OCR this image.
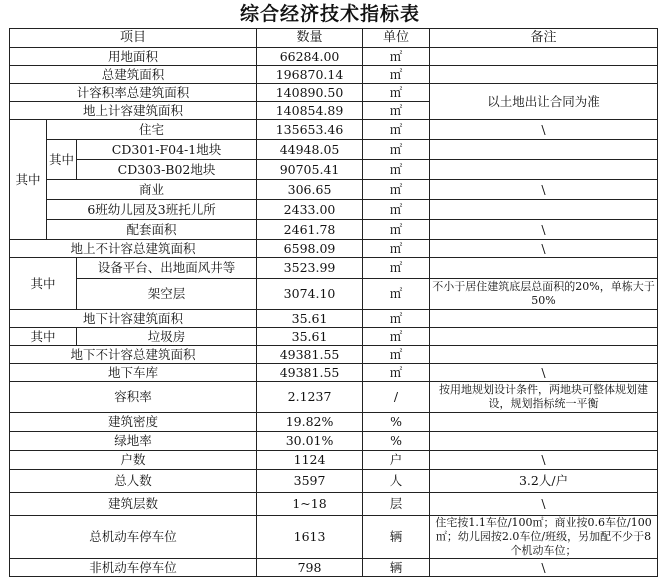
综合经济技术指标表
项目			数量	单位	备注
用地面积			66284.00	㎡	
总建筑面积			196870.14	㎡	
计容积率总建筑面积			140890.50	㎡	以土地出让合同为准
地上计容建筑面积			140854.89	㎡	
其中	住宅		135653.46	㎡	\
	其中	CD301-F04-1地块	44948.05	㎡	
		CD303-B02地块	90705.41	㎡	
	商业		306.65	㎡	\
	6班幼儿园及3班托儿所		2433.00	㎡	
	配套面积		2461.78	㎡	\
地上不计容总建筑面积			6598.09	㎡	\
其中		设备平台、出地面风井等	3523.99	㎡	
		架空层	3074.10	㎡	不小于居住建筑底层总面积的20%，单栋大于50%
地下计容建筑面积			35.61	㎡	
其中		垃圾房	35.61	㎡	
地下不计容总建筑面积			49381.55	㎡	
地下车库			49381.55	㎡	\
容积率			2.1237	/	按用地规划设计条件，两地块可整体规划建设，规划指标统一平衡
建筑密度			19.82%	%	
绿地率			30.01%	%	
户数			1124	户	\
总人数			3597	人	3.2人/户
建筑层数			1~18	层	\
总机动车停车位			1613	辆	住宅按1.1车位/100㎡；商业按0.6车位/100㎡；幼儿园按2.0车位/班级，另加配不少于8个机动车位；
非机动车停车位			798	辆	\
